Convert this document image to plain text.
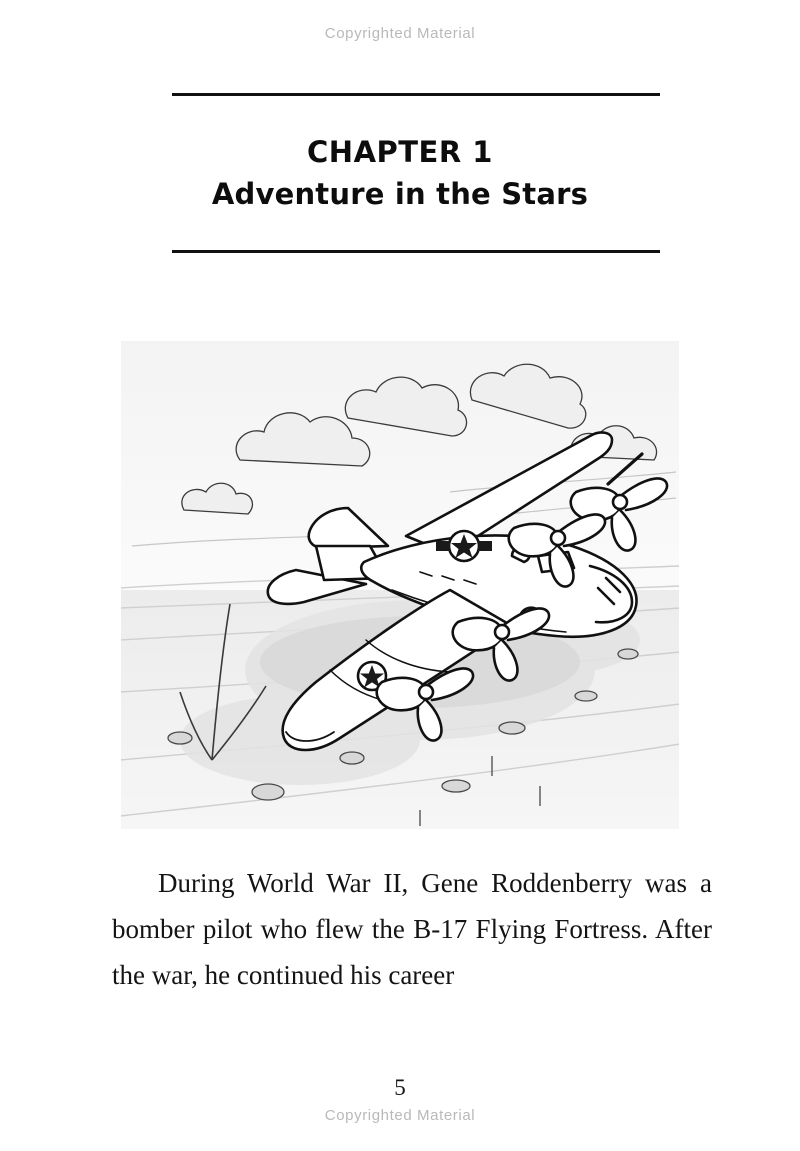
Copyrighted Material
CHAPTER 1
Adventure in the Stars

During World War II, Gene Roddenberry was a bomber pilot who flew the B-17 Flying Fortress. After the war, he continued his career

5
Copyrighted Material
